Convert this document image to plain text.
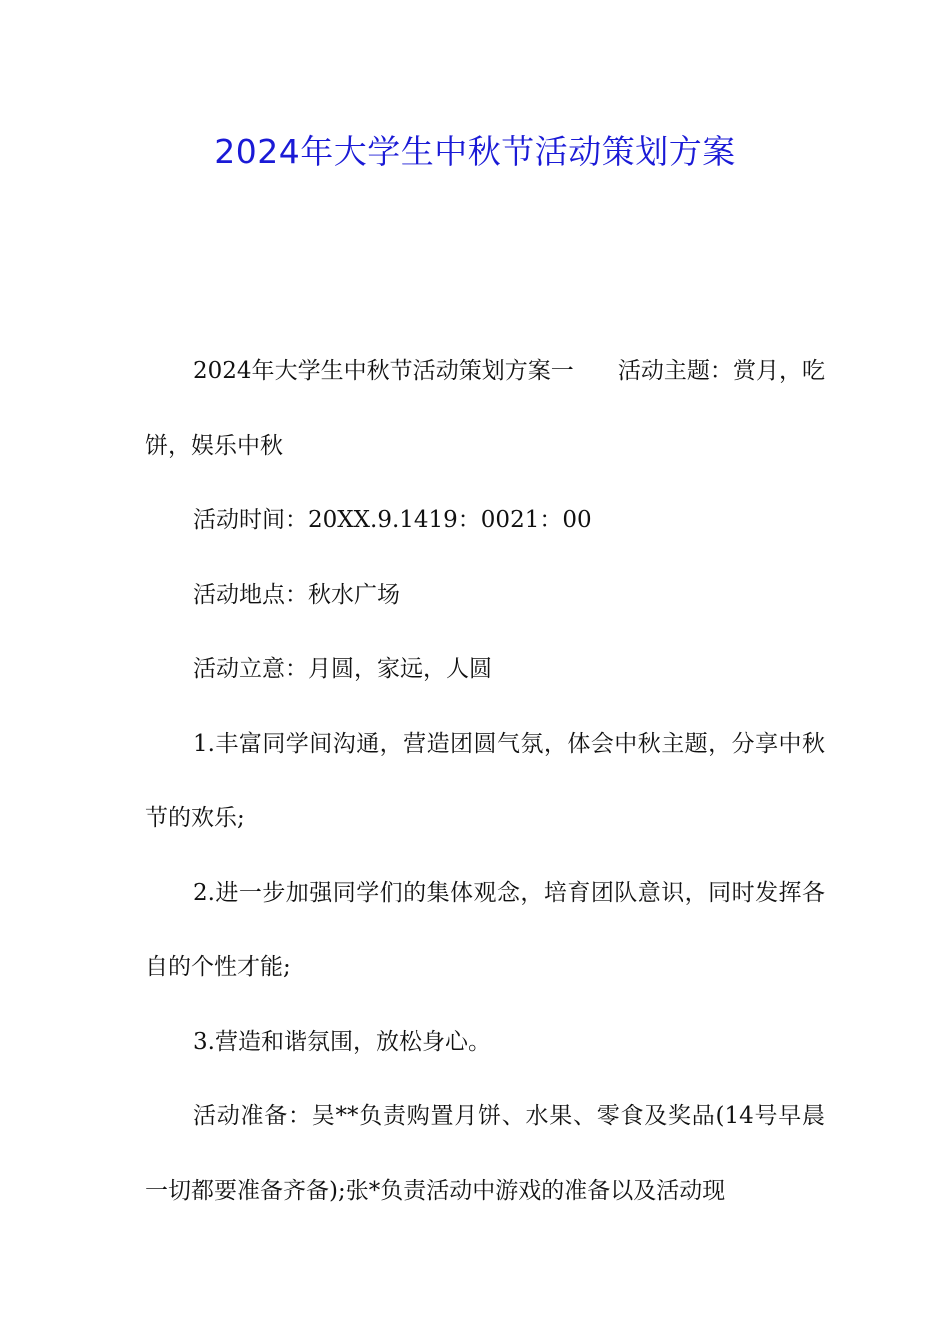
2024年大学生中秋节活动策划方案

2024年大学生中秋节活动策划方案一 活动主题：赏月，吃饼，娱乐中秋

活动时间：20XX.9.1419：0021：00

活动地点：秋水广场

活动立意：月圆，家远，人圆

1.丰富同学间沟通，营造团圆气氛，体会中秋主题，分享中秋节的欢乐;

2.进一步加强同学们的集体观念，培育团队意识，同时发挥各自的个性才能;

3.营造和谐氛围，放松身心。

活动准备：吴**负责购置月饼、水果、零食及奖品(14号早晨一切都要准备齐备);张*负责活动中游戏的准备以及活动现
